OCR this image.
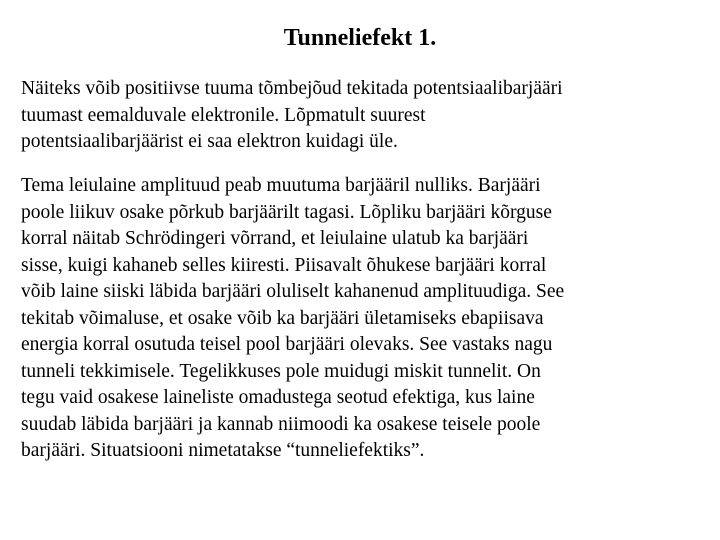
Tunneliefekt 1.

Näiteks võib positiivse tuuma tõmbejõud tekitada potentsiaalibarjääri
tuumast eemalduvale elektronile. Lõpmatult suurest
potentsiaalibarjäärist ei saa elektron kuidagi üle.

Tema leiulaine amplituud peab muutuma barjääril nulliks. Barjääri
poole liikuv osake põrkub barjäärilt tagasi. Lõpliku barjääri kõrguse
korral näitab Schrödingeri võrrand, et leiulaine ulatub ka barjääri
sisse, kuigi kahaneb selles kiiresti. Piisavalt õhukese barjääri korral
võib laine siiski läbida barjääri oluliselt kahanenud amplituudiga. See
tekitab võimaluse, et osake võib ka barjääri ületamiseks ebapiisava
energia korral osutuda teisel pool barjääri olevaks. See vastaks nagu
tunneli tekkimisele. Tegelikkuses pole muidugi miskit tunnelit. On
tegu vaid osakese laineliste omadustega seotud efektiga, kus laine
suudab läbida barjääri ja kannab niimoodi ka osakese teisele poole
barjääri. Situatsiooni nimetatakse “tunneliefektiks”.
